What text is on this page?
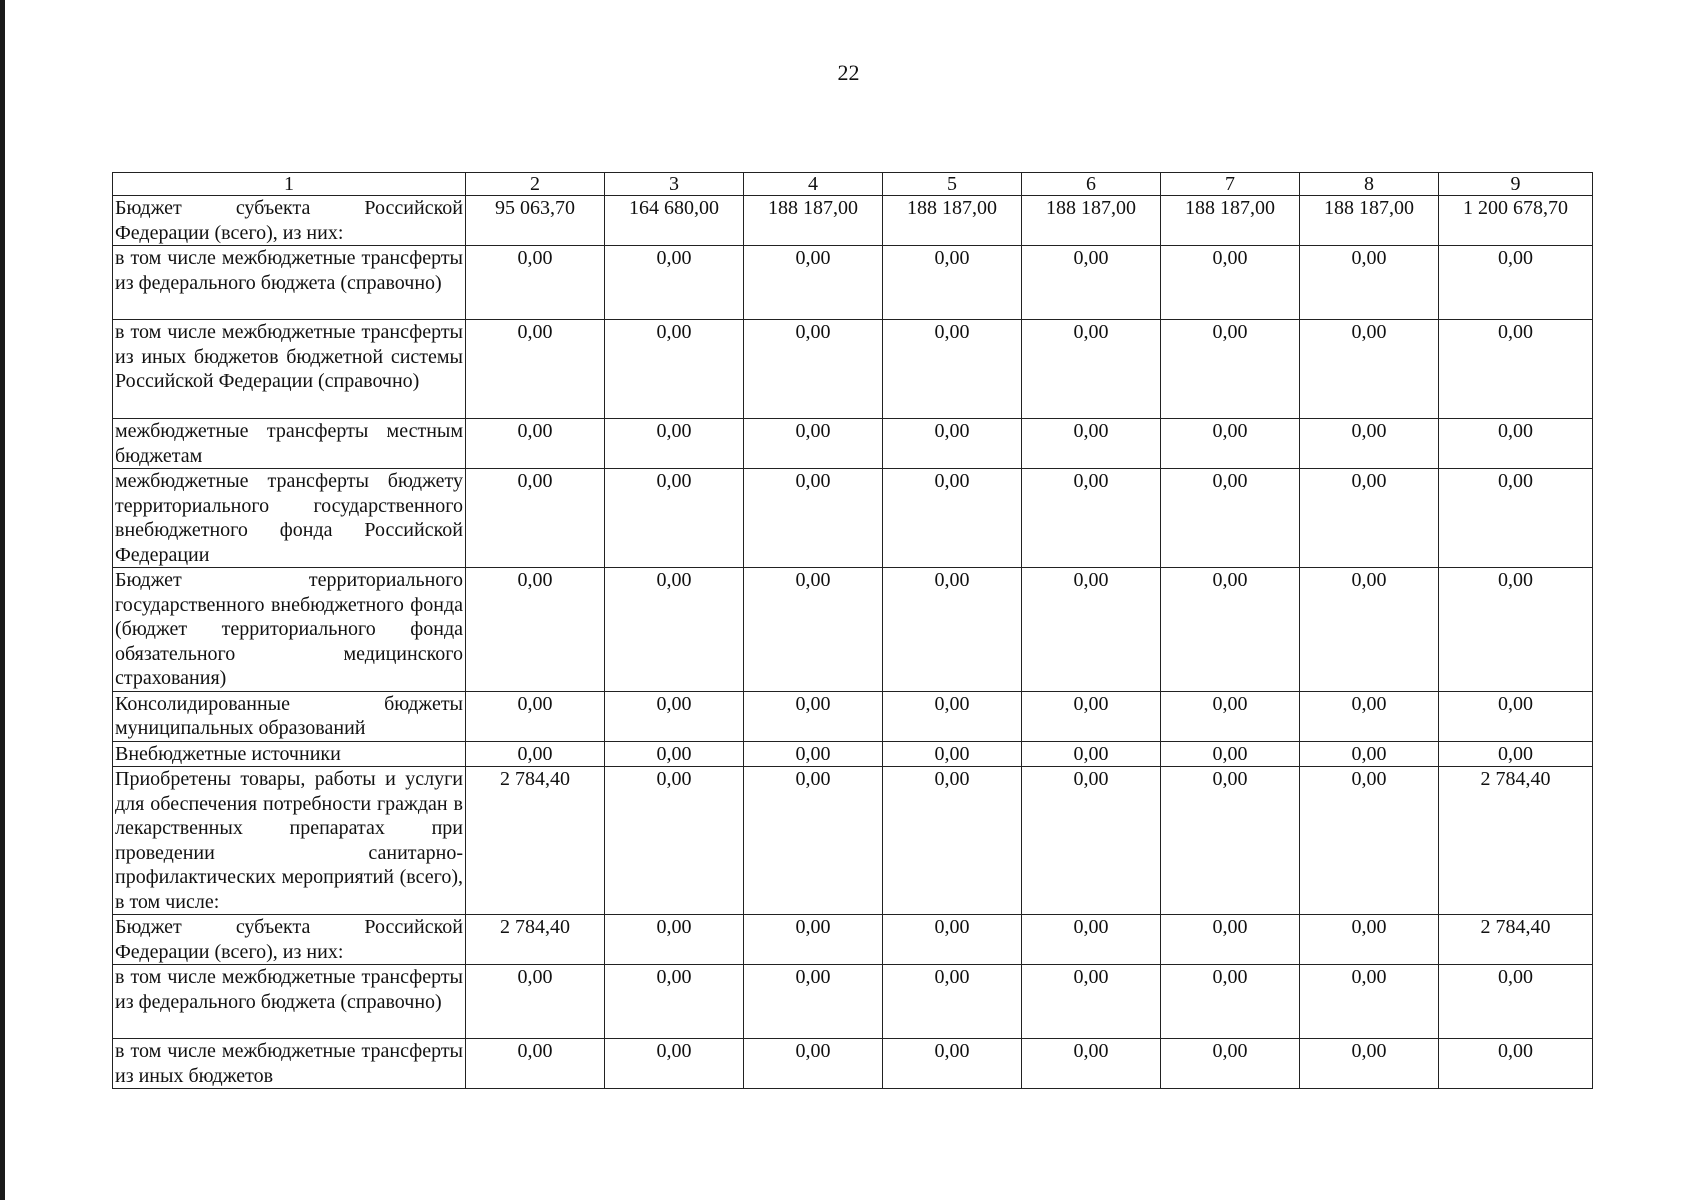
22
1	2	3	4	5	6	7	8	9
Бюджет субъекта Российской Федерации (всего), из них:	95 063,70	164 680,00	188 187,00	188 187,00	188 187,00	188 187,00	188 187,00	1 200 678,70
в том числе межбюджетные трансферты из федерального бюджета (справочно)	0,00	0,00	0,00	0,00	0,00	0,00	0,00	0,00
в том числе межбюджетные трансферты из иных бюджетов бюджетной системы Российской Федерации (справочно)	0,00	0,00	0,00	0,00	0,00	0,00	0,00	0,00
межбюджетные трансферты местным бюджетам	0,00	0,00	0,00	0,00	0,00	0,00	0,00	0,00
межбюджетные трансферты бюджету территориального государственного внебюджетного фонда Российской Федерации	0,00	0,00	0,00	0,00	0,00	0,00	0,00	0,00
Бюджет территориального государственного внебюджетного фонда (бюджет территориального фонда обязательного медицинского страхования)	0,00	0,00	0,00	0,00	0,00	0,00	0,00	0,00
Консолидированные бюджеты муниципальных образований	0,00	0,00	0,00	0,00	0,00	0,00	0,00	0,00
Внебюджетные источники	0,00	0,00	0,00	0,00	0,00	0,00	0,00	0,00
Приобретены товары, работы и услуги для обеспечения потребности граждан в лекарственных препаратах при проведении санитарно-профилактических мероприятий (всего), в том числе:	2 784,40	0,00	0,00	0,00	0,00	0,00	0,00	2 784,40
Бюджет субъекта Российской Федерации (всего), из них:	2 784,40	0,00	0,00	0,00	0,00	0,00	0,00	2 784,40
в том числе межбюджетные трансферты из федерального бюджета (справочно)	0,00	0,00	0,00	0,00	0,00	0,00	0,00	0,00
в том числе межбюджетные трансферты из иных бюджетов	0,00	0,00	0,00	0,00	0,00	0,00	0,00	0,00
